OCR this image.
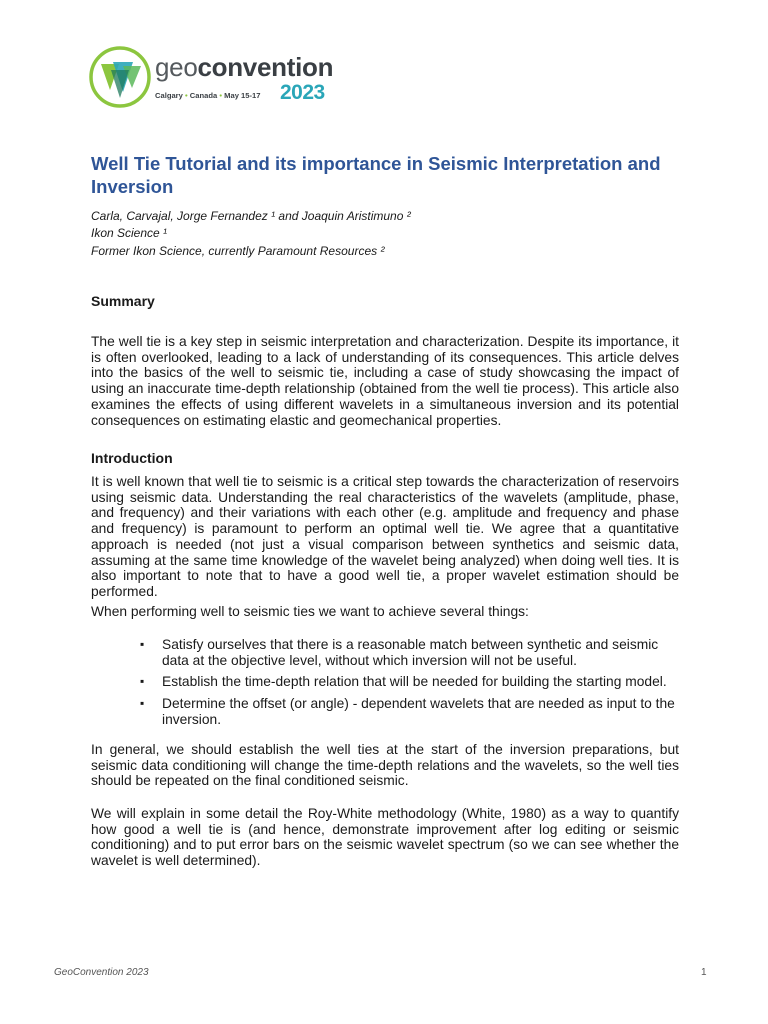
geoconvention
Calgary • Canada • May 15-17 2023
Well Tie Tutorial and its importance in Seismic Interpretation and Inversion
Carla, Carvajal, Jorge Fernandez ¹ and Joaquin Aristimuno ²
Ikon Science ¹
Former Ikon Science, currently Paramount Resources ²
Summary

The well tie is a key step in seismic interpretation and characterization. Despite its importance, it is often overlooked, leading to a lack of understanding of its consequences. This article delves into the basics of the well to seismic tie, including a case of study showcasing the impact of using an inaccurate time-depth relationship (obtained from the well tie process). This article also examines the effects of using different wavelets in a simultaneous inversion and its potential consequences on estimating elastic and geomechanical properties.

Introduction

It is well known that well tie to seismic is a critical step towards the characterization of reservoirs using seismic data. Understanding the real characteristics of the wavelets (amplitude, phase, and frequency) and their variations with each other (e.g. amplitude and frequency and phase and frequency) is paramount to perform an optimal well tie. We agree that a quantitative approach is needed (not just a visual comparison between synthetics and seismic data, assuming at the same time knowledge of the wavelet being analyzed) when doing well ties. It is also important to note that to have a good well tie, a proper wavelet estimation should be performed.

When performing well to seismic ties we want to achieve several things:

▪ Satisfy ourselves that there is a reasonable match between synthetic and seismic data at the objective level, without which inversion will not be useful.
▪ Establish the time-depth relation that will be needed for building the starting model.
▪ Determine the offset (or angle) - dependent wavelets that are needed as input to the inversion.

In general, we should establish the well ties at the start of the inversion preparations, but seismic data conditioning will change the time-depth relations and the wavelets, so the well ties should be repeated on the final conditioned seismic.

We will explain in some detail the Roy-White methodology (White, 1980) as a way to quantify how good a well tie is (and hence, demonstrate improvement after log editing or seismic conditioning) and to put error bars on the seismic wavelet spectrum (so we can see whether the wavelet is well determined).

GeoConvention 2023	1
